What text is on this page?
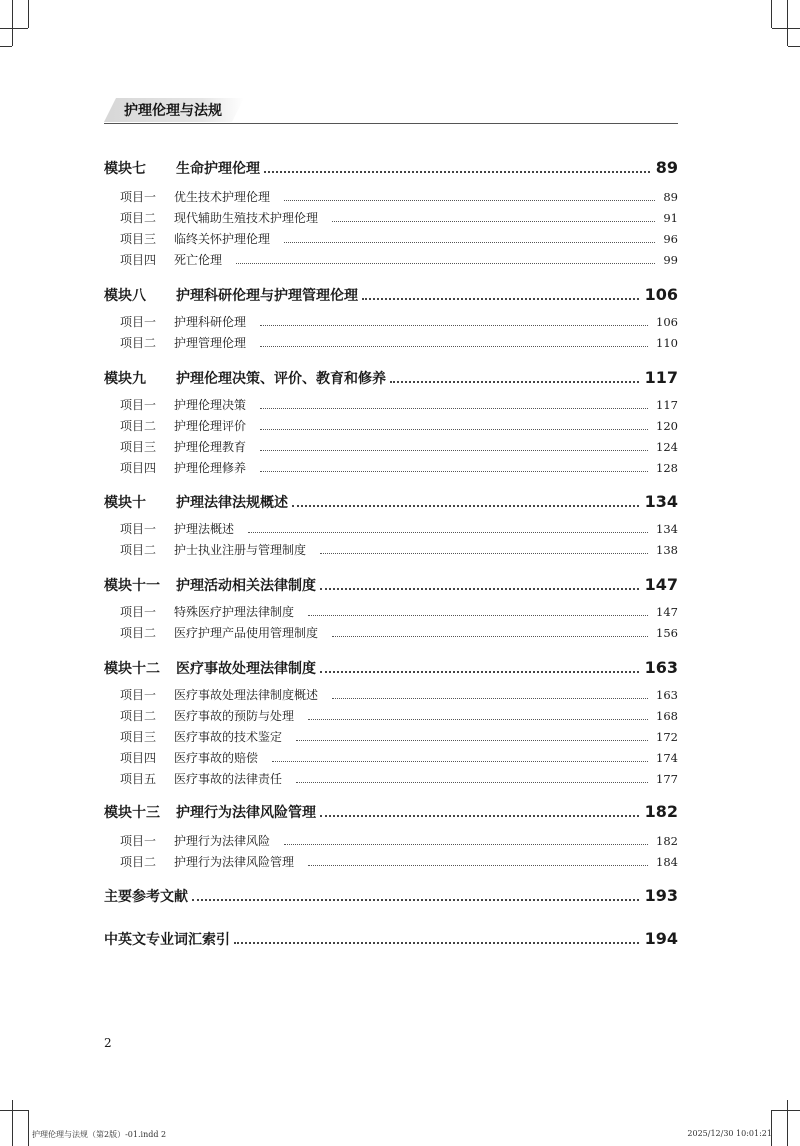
护理伦理与法规
模块七	生命护理伦理	89
项目一	优生技术护理伦理	89
项目二	现代辅助生殖技术护理伦理	91
项目三	临终关怀护理伦理	96
项目四	死亡伦理	99
模块八	护理科研伦理与护理管理伦理	106
项目一	护理科研伦理	106
项目二	护理管理伦理	110
模块九	护理伦理决策、评价、教育和修养	117
项目一	护理伦理决策	117
项目二	护理伦理评价	120
项目三	护理伦理教育	124
项目四	护理伦理修养	128
模块十	护理法律法规概述	134
项目一	护理法概述	134
项目二	护士执业注册与管理制度	138
模块十一	护理活动相关法律制度	147
项目一	特殊医疗护理法律制度	147
项目二	医疗护理产品使用管理制度	156
模块十二	医疗事故处理法律制度	163
项目一	医疗事故处理法律制度概述	163
项目二	医疗事故的预防与处理	168
项目三	医疗事故的技术鉴定	172
项目四	医疗事故的赔偿	174
项目五	医疗事故的法律责任	177
模块十三	护理行为法律风险管理	182
项目一	护理行为法律风险	182
项目二	护理行为法律风险管理	184
主要参考文献	193
中英文专业词汇索引	194
2
护理伦理与法规（第2版）-01.indd 2	2025/12/30 10:01:21
